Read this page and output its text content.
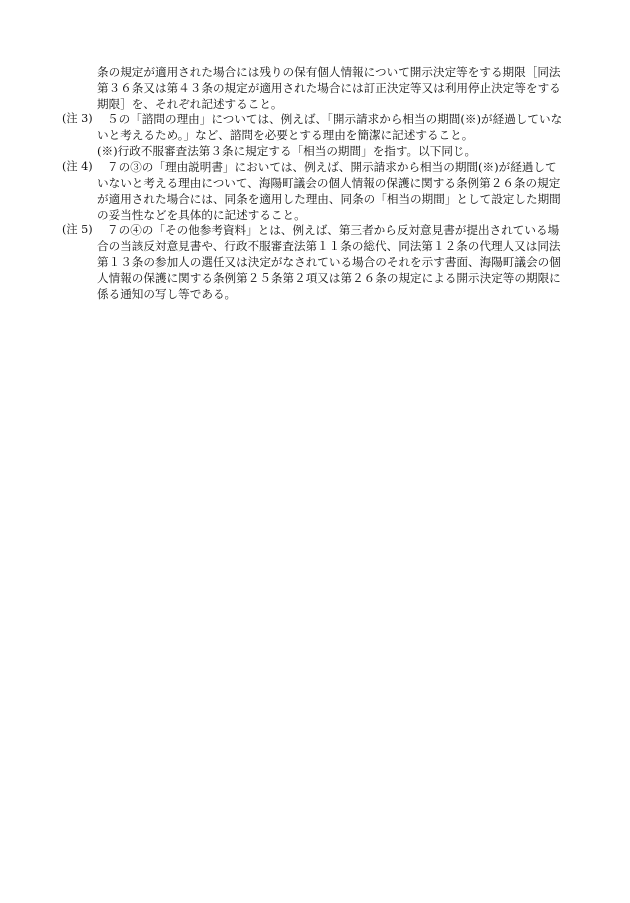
条の規定が適用された場合には残りの保有個人情報について開示決定等をする期限［同法
第３６条又は第４３条の規定が適用された場合には訂正決定等又は利用停止決定等をする
期限］を、それぞれ記述すること。
(注 3) ５の「諮問の理由」については、例えば、「開示請求から相当の期間(※)が経過していな
いと考えるため。」など、諮問を必要とする理由を簡潔に記述すること。
(※)行政不服審査法第３条に規定する「相当の期間」を指す。以下同じ。
(注 4) ７の③の「理由説明書」においては、例えば、開示請求から相当の期間(※)が経過して
いないと考える理由について、海陽町議会の個人情報の保護に関する条例第２６条の規定
が適用された場合には、同条を適用した理由、同条の「相当の期間」として設定した期間
の妥当性などを具体的に記述すること。
(注 5) ７の④の「その他参考資料」とは、例えば、第三者から反対意見書が提出されている場
合の当該反対意見書や、行政不服審査法第１１条の総代、同法第１２条の代理人又は同法
第１３条の参加人の選任又は決定がなされている場合のそれを示す書面、海陽町議会の個
人情報の保護に関する条例第２５条第２項又は第２６条の規定による開示決定等の期限に
係る通知の写し等である。
